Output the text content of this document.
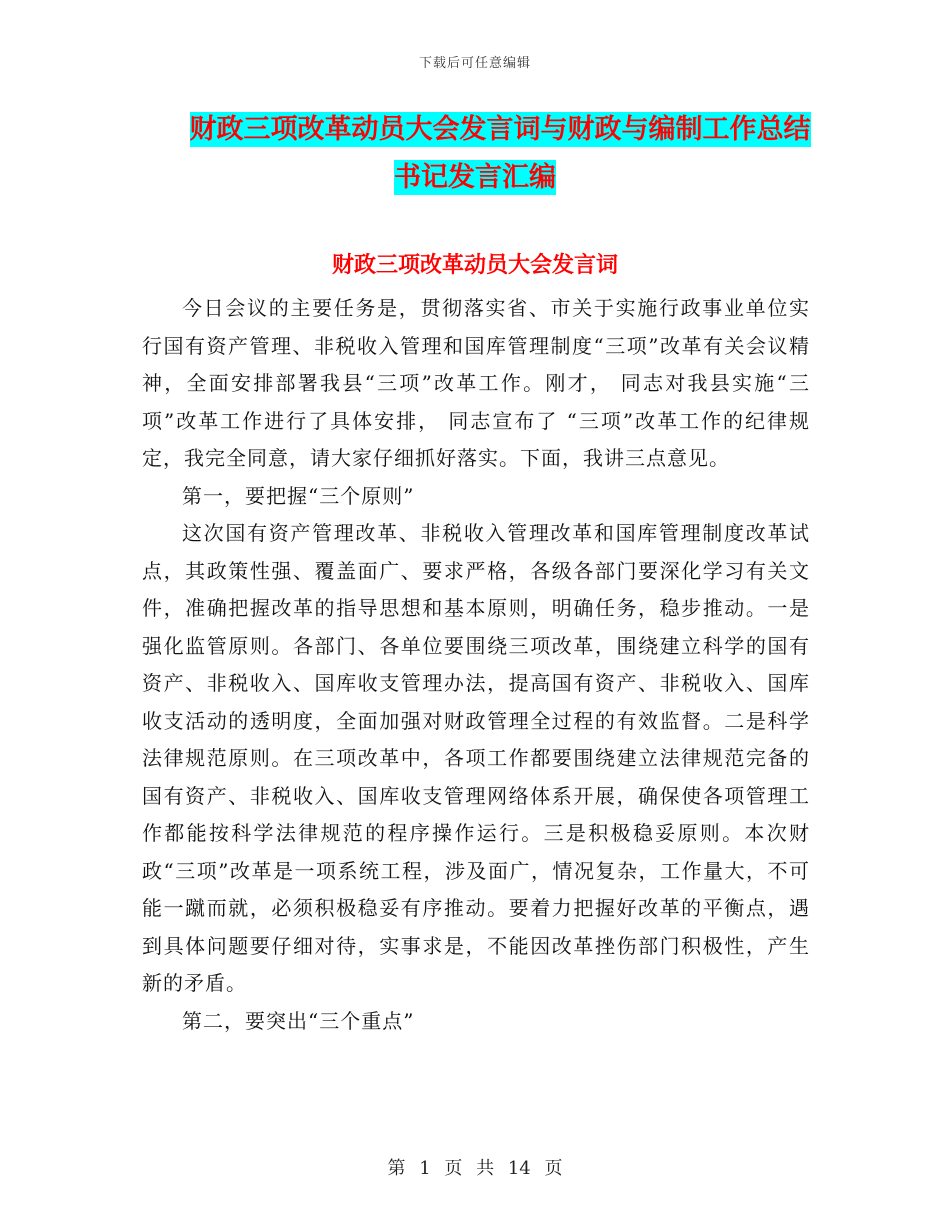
下载后可任意编辑
财政三项改革动员大会发言词与财政与编制工作总结
书记发言汇编
财政三项改革动员大会发言词

今日会议的主要任务是，贯彻落实省、市关于实施行政事业单位实行国有资产管理、非税收入管理和国库管理制度“三项”改革有关会议精神，全面安排部署我县“三项”改革工作。刚才， 同志对我县实施“三项”改革工作进行了具体安排， 同志宣布了 “三项”改革工作的纪律规定，我完全同意，请大家仔细抓好落实。下面，我讲三点意见。

第一，要把握“三个原则”

这次国有资产管理改革、非税收入管理改革和国库管理制度改革试点，其政策性强、覆盖面广、要求严格，各级各部门要深化学习有关文件，准确把握改革的指导思想和基本原则，明确任务，稳步推动。一是强化监管原则。各部门、各单位要围绕三项改革，围绕建立科学的国有资产、非税收入、国库收支管理办法，提高国有资产、非税收入、国库收支活动的透明度，全面加强对财政管理全过程的有效监督。二是科学法律规范原则。在三项改革中，各项工作都要围绕建立法律规范完备的国有资产、非税收入、国库收支管理网络体系开展，确保使各项管理工作都能按科学法律规范的程序操作运行。三是积极稳妥原则。本次财政“三项”改革是一项系统工程，涉及面广，情况复杂，工作量大，不可能一蹴而就，必须积极稳妥有序推动。要着力把握好改革的平衡点，遇到具体问题要仔细对待，实事求是，不能因改革挫伤部门积极性，产生新的矛盾。

第二，要突出“三个重点”

第 1 页 共 14 页
